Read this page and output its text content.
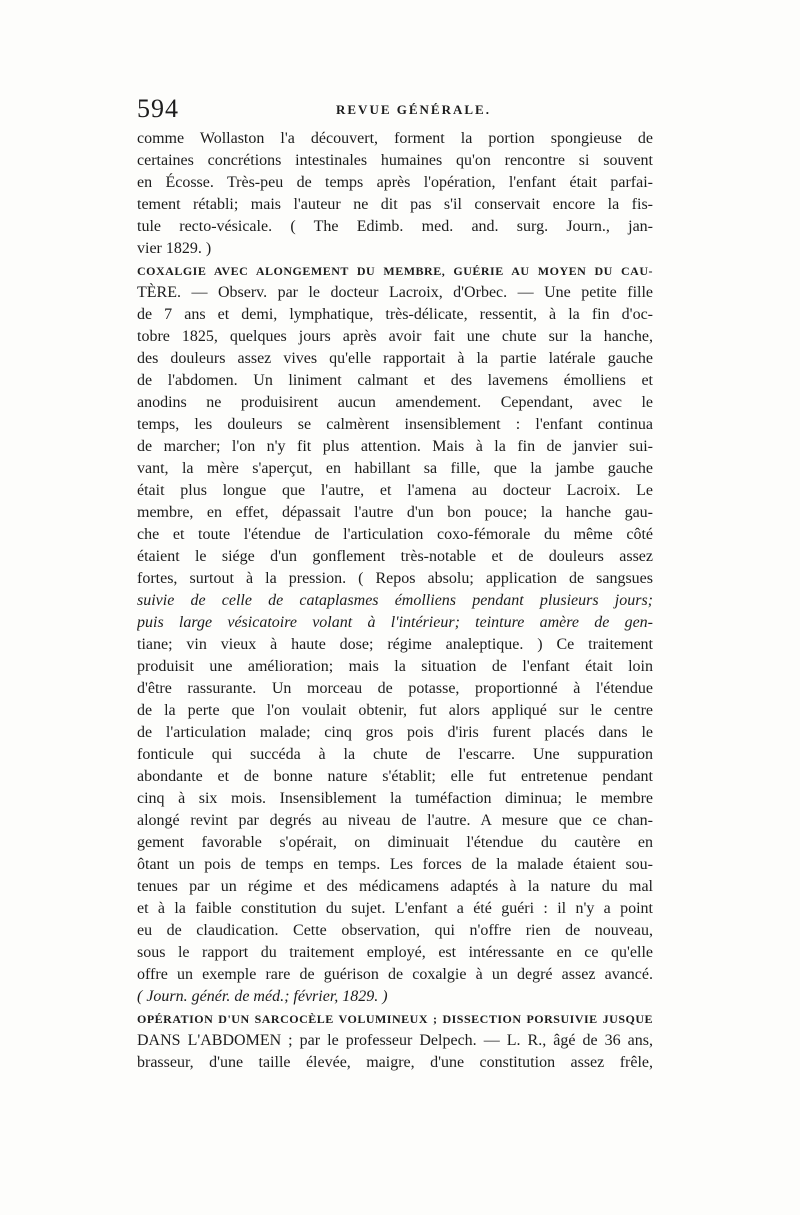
594	REVUE GÉNÉRALE.
comme Wollaston l'a découvert, forment la portion spongieuse de
certaines concrétions intestinales humaines qu'on rencontre si souvent
en Écosse. Très-peu de temps après l'opération, l'enfant était parfai-
tement rétabli; mais l'auteur ne dit pas s'il conservait encore la fis-
tule recto-vésicale. ( The Edimb. med. and. surg. Journ., jan-
vier 1829. )
COXALGIE AVEC ALONGEMENT DU MEMBRE, GUÉRIE AU MOYEN DU CAU-
TÈRE. — Observ. par le docteur Lacroix, d'Orbec. — Une petite fille
de 7 ans et demi, lymphatique, très-délicate, ressentit, à la fin d'oc-
tobre 1825, quelques jours après avoir fait une chute sur la hanche,
des douleurs assez vives qu'elle rapportait à la partie latérale gauche
de l'abdomen. Un liniment calmant et des lavemens émolliens et
anodins ne produisirent aucun amendement. Cependant, avec le
temps, les douleurs se calmèrent insensiblement : l'enfant continua
de marcher; l'on n'y fit plus attention. Mais à la fin de janvier sui-
vant, la mère s'aperçut, en habillant sa fille, que la jambe gauche
était plus longue que l'autre, et l'amena au docteur Lacroix. Le
membre, en effet, dépassait l'autre d'un bon pouce; la hanche gau-
che et toute l'étendue de l'articulation coxo-fémorale du même côté
étaient le siége d'un gonflement très-notable et de douleurs assez
fortes, surtout à la pression. ( Repos absolu; application de sangsues
suivie de celle de cataplasmes émolliens pendant plusieurs jours;
puis large vésicatoire volant à l'intérieur; teinture amère de gen-
tiane; vin vieux à haute dose; régime analeptique. ) Ce traitement
produisit une amélioration; mais la situation de l'enfant était loin
d'être rassurante. Un morceau de potasse, proportionné à l'étendue
de la perte que l'on voulait obtenir, fut alors appliqué sur le centre
de l'articulation malade; cinq gros pois d'iris furent placés dans le
fonticule qui succéda à la chute de l'escarre. Une suppuration
abondante et de bonne nature s'établit; elle fut entretenue pendant
cinq à six mois. Insensiblement la tuméfaction diminua; le membre
alongé revint par degrés au niveau de l'autre. A mesure que ce chan-
gement favorable s'opérait, on diminuait l'étendue du cautère en
ôtant un pois de temps en temps. Les forces de la malade étaient sou-
tenues par un régime et des médicamens adaptés à la nature du mal
et à la faible constitution du sujet. L'enfant a été guéri : il n'y a point
eu de claudication. Cette observation, qui n'offre rien de nouveau,
sous le rapport du traitement employé, est intéressante en ce qu'elle
offre un exemple rare de guérison de coxalgie à un degré assez avancé.
( Journ. génér. de méd.; février, 1829. )
OPÉRATION D'UN SARCOCÈLE VOLUMINEUX ; DISSECTION PORSUIVIE JUSQUE
DANS L'ABDOMEN ; par le professeur Delpech. — L. R., âgé de 36 ans,
brasseur, d'une taille élevée, maigre, d'une constitution assez frêle,
